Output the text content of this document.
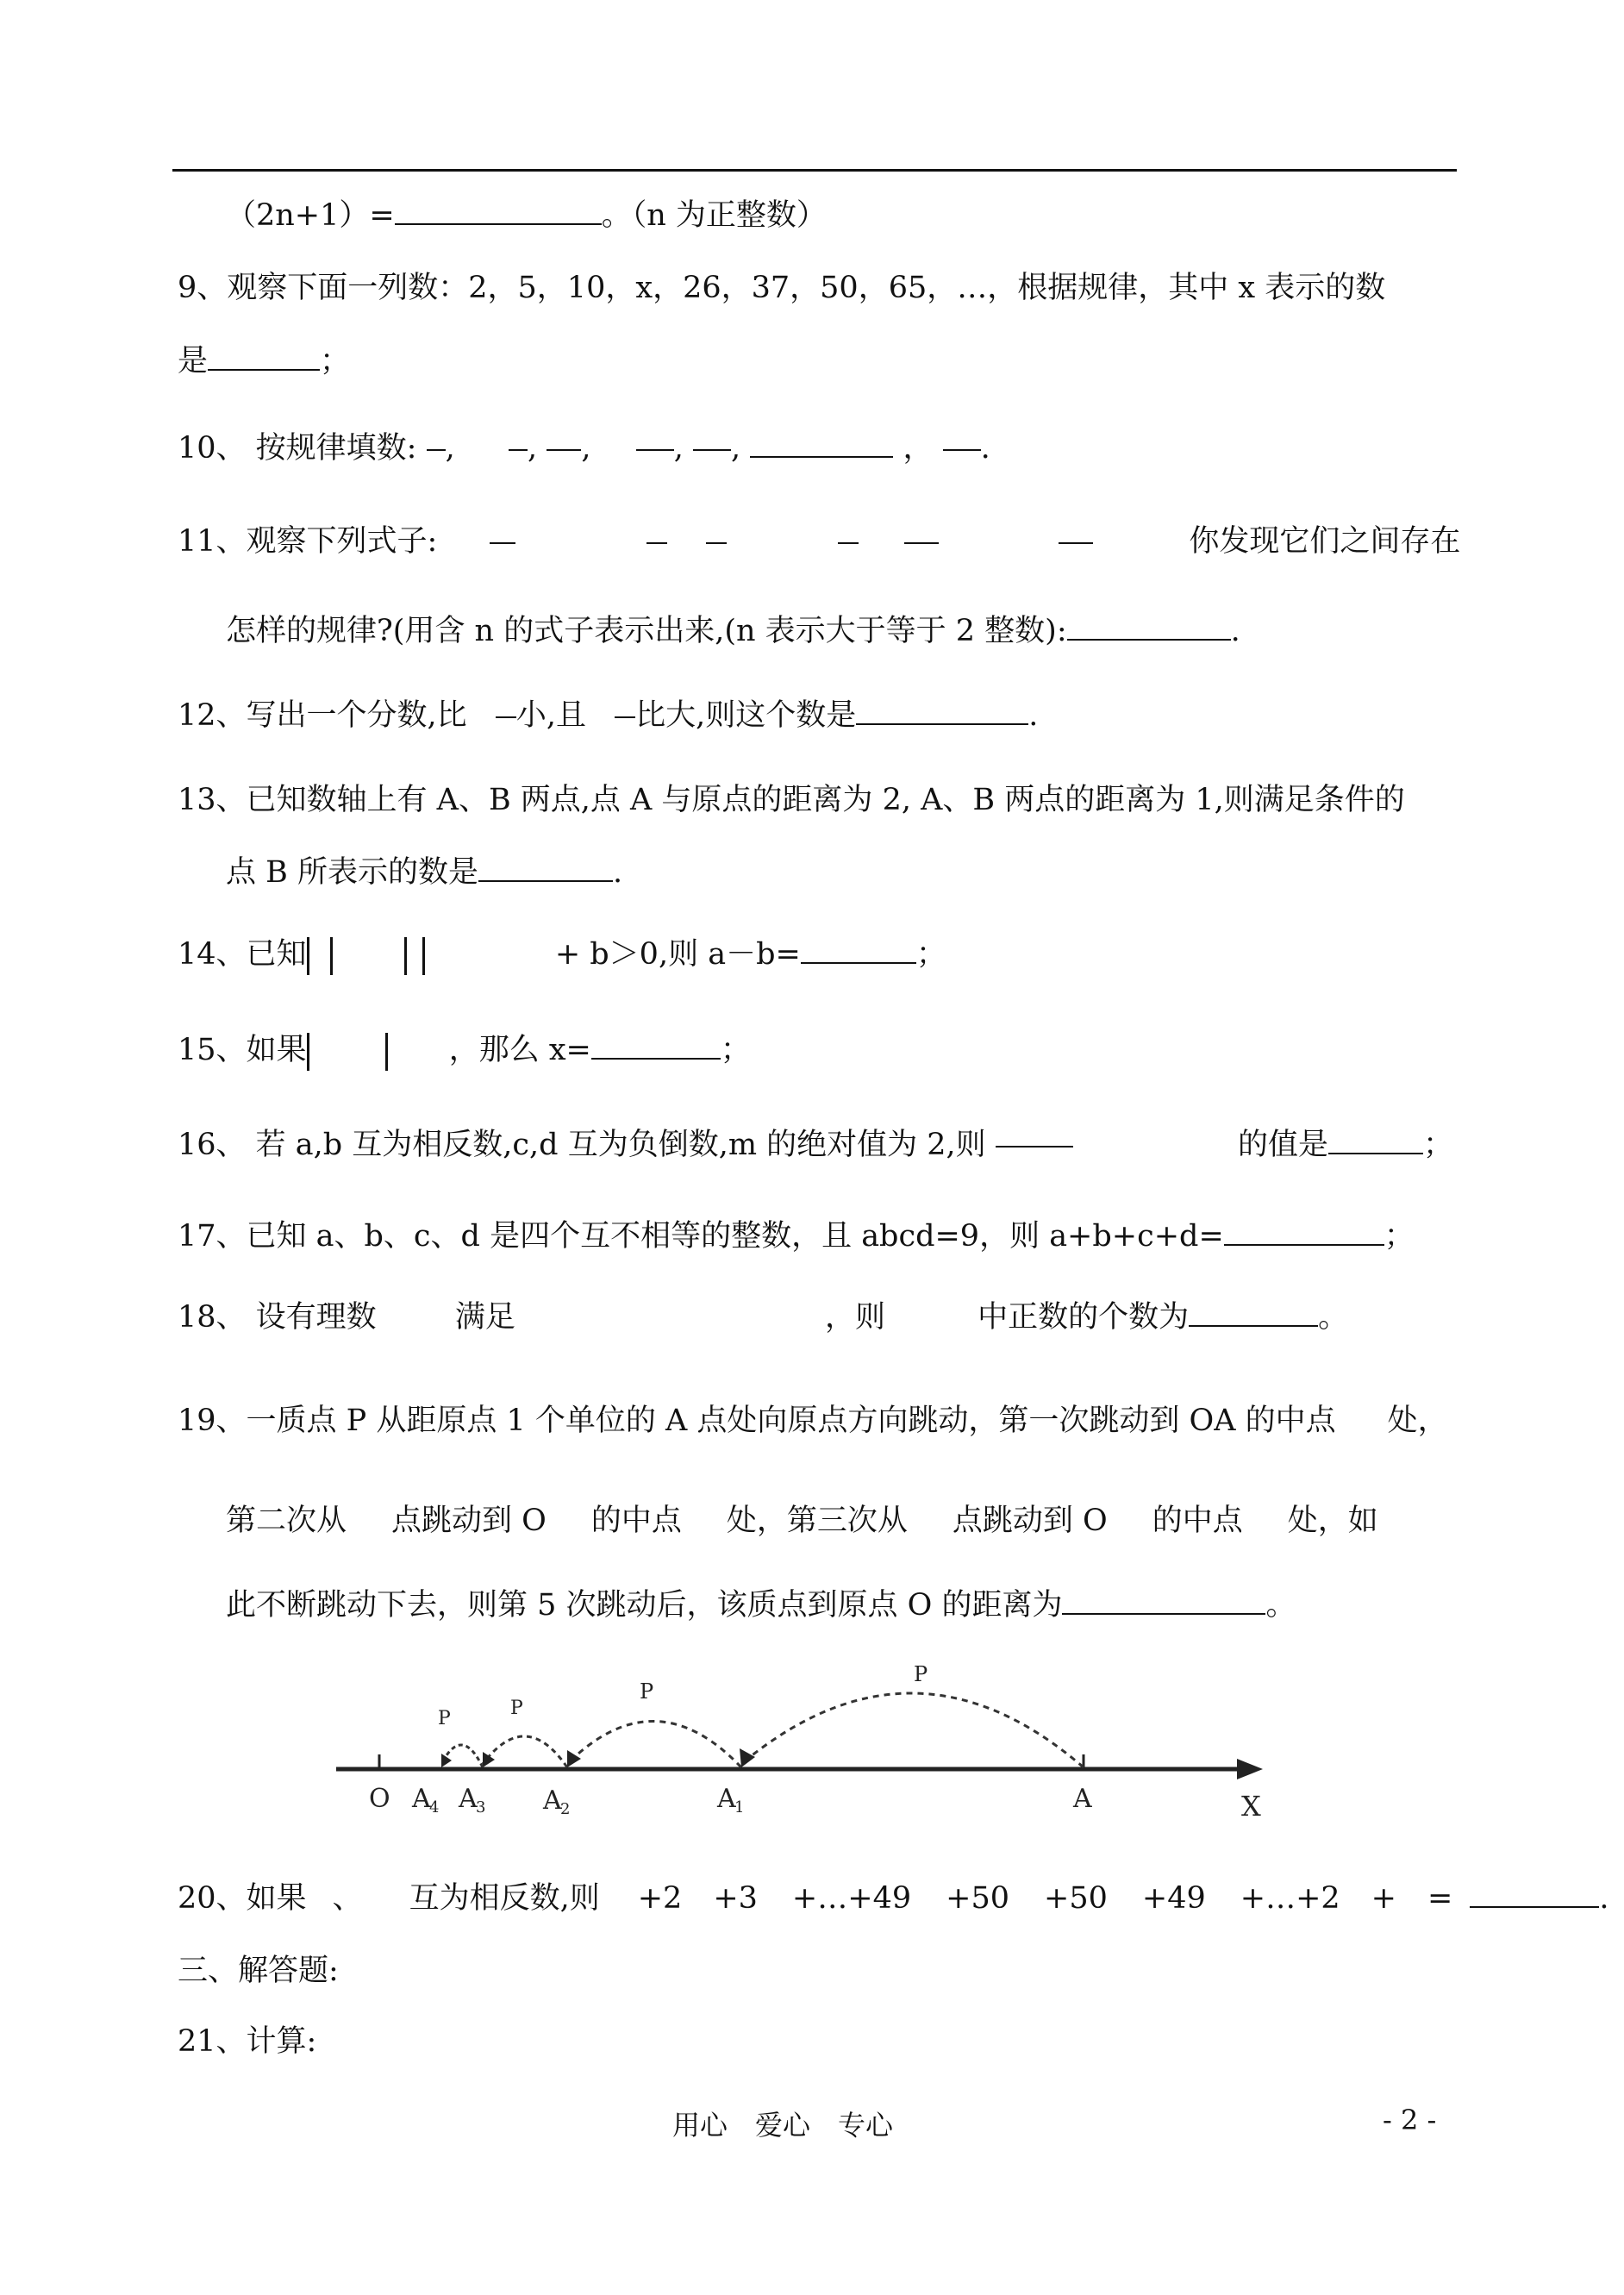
（2n+1）=	。（n 为正整数）
9、观察下面一列数：2，5，10，x，26，37，50，65，…，根据规律，其中 x 表示的数
是	；
10、 按规律填数: , , ,	, ,	， .
11、观察下列式子:	你发现它们之间存在
怎样的规律?(用含 n 的式子表示出来,(n 表示大于等于 2 整数):	.
12、写出一个分数,比 小,且 比大,则这个数是	.
13、已知数轴上有 A、B 两点,点 A 与原点的距离为 2, A、B 两点的距离为 1,则满足条件的
点 B 所表示的数是	.
14、已知	+ b＞0,则 a－b=	；
15、如果	，那么 x=	；
16、 若 a,b 互为相反数,c,d 互为负倒数,m 的绝对值为 2,则	的值是	；
17、已知 a、b、c、d 是四个互不相等的整数，且 abcd=9，则 a+b+c+d=	；
18、 设有理数	满足	，则	中正数的个数为	。
19、一质点 P 从距原点 1 个单位的 A 点处向原点方向跳动，第一次跳动到 OA 的中点 处，
第二次从 点跳动到 O 的中点 处，第三次从 点跳动到 O 的中点 处，如
此不断跳动下去，则第 5 次跳动后，该质点到原点 O 的距离为	。
P
P
P
P
O A
4 A
3 A
2	A
1	A	X
20、如果 、 互为相反数,则 +2 +3 +…+49 +50 +50 +49 +…+2 + =	.
三、解答题:
21、计算:
用心　爱心　专心	- 2 -
